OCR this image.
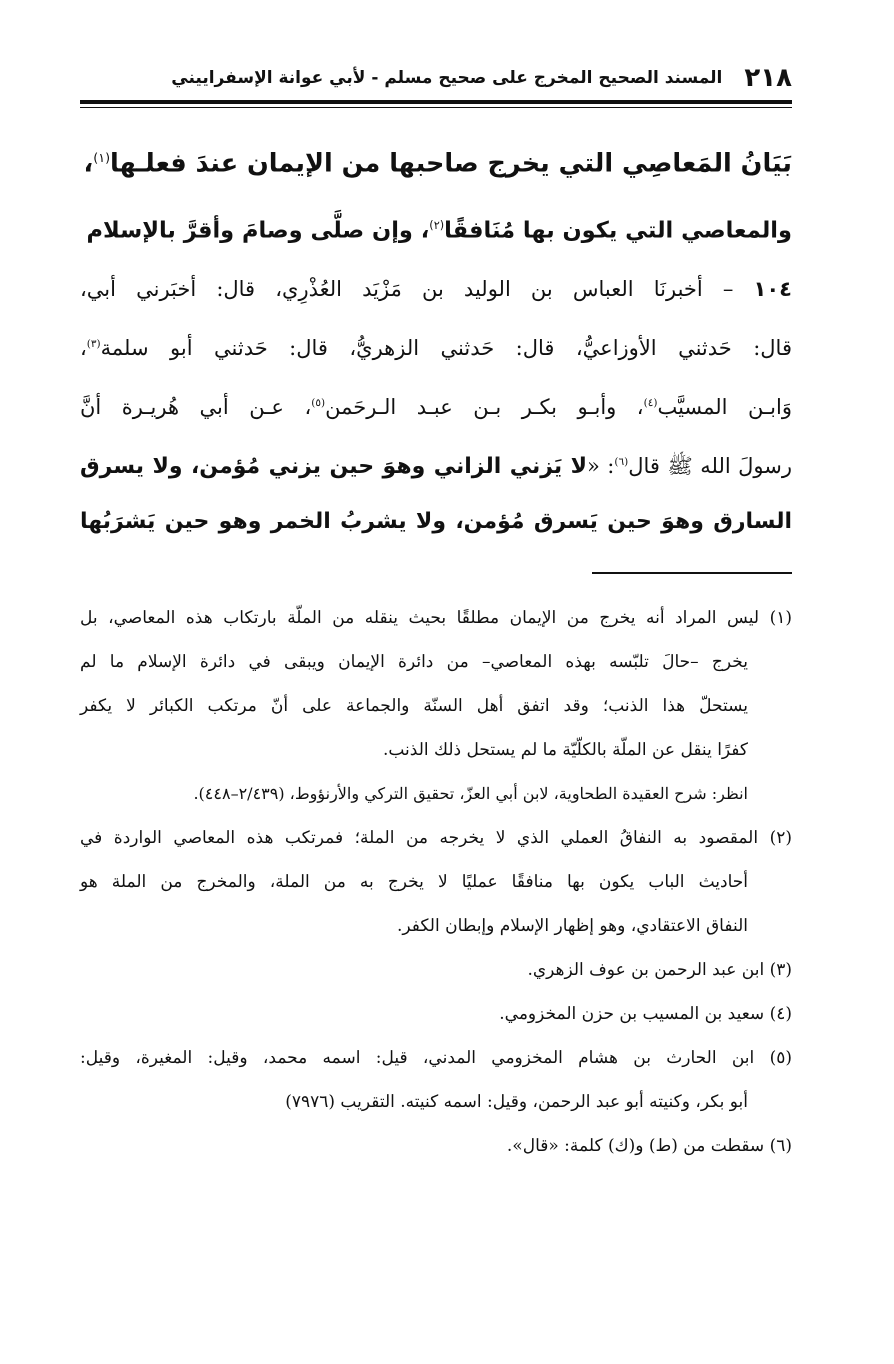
٢١٨
المسند الصحيح المخرج على صحيح مسلم - لأبي عوانة الإسفراييني
بَيَانُ المَعاصِي التي يخرج صاحبها من الإيمان عندَ فعلـها$^{(١)}$،
والمعاصي التي يكون بها مُنَافقًا$^{(٢)}$، وإن صلَّى وصامَ وأقرَّ بالإسلام
١٠٤ – أخبرنَا العباس بن الوليد بن مَزْيَد العُذْرِي، قال: أخبَرني أبي،
قال: حَدثني الأوزاعيُّ، قال: حَدثني الزهريُّ، قال: حَدثني أبو سلمة$^{(٣)}$،
وَابـن المسيَّب$^{(٤)}$، وأبـو بكـر بـن عبـد الـرحَمن$^{(٥)}$، عـن أبي هُريـرة أنَّ
رسولَ الله ﷺ قال$^{(٦)}$: «لا يَزني الزاني وهوَ حين يزني مُؤمن، ولا يسرق
السارق وهوَ حين يَسرق مُؤمن، ولا يشربُ الخمر وهو حين يَشرَبُها
(١) ليس المراد أنه يخرج من الإيمان مطلقًا بحيث ينقله من الملّة بارتكاب هذه المعاصي، بل
يخرج –حالَ تلبّسه بهذه المعاصي– من دائرة الإيمان ويبقى في دائرة الإسلام ما لم
يستحلّ هذا الذنب؛ وقد اتفق أهل السنّة والجماعة على أنّ مرتكب الكبائر لا يكفر
كفرًا ينقل عن الملّة بالكلّيّة ما لم يستحل ذلك الذنب.
انظر: شرح العقيدة الطحاوية، لابن أبي العزّ، تحقيق التركي والأرنؤوط، (٢/٤٣٩–٤٤٨).
(٢) المقصود به النفاقُ العملي الذي لا يخرجه من الملة؛ فمرتكب هذه المعاصي الواردة في
أحاديث الباب يكون بها منافقًا عمليًا لا يخرج به من الملة، والمخرج من الملة هو
النفاق الاعتقادي، وهو إظهار الإسلام وإبطان الكفر.
(٣) ابن عبد الرحمن بن عوف الزهري.
(٤) سعيد بن المسيب بن حزن المخزومي.
(٥) ابن الحارث بن هشام المخزومي المدني، قيل: اسمه محمد، وقيل: المغيرة، وقيل:
أبو بكر، وكنيته أبو عبد الرحمن، وقيل: اسمه كنيته. التقريب (٧٩٧٦)
(٦) سقطت من (ط) و(ك) كلمة: «قال».
